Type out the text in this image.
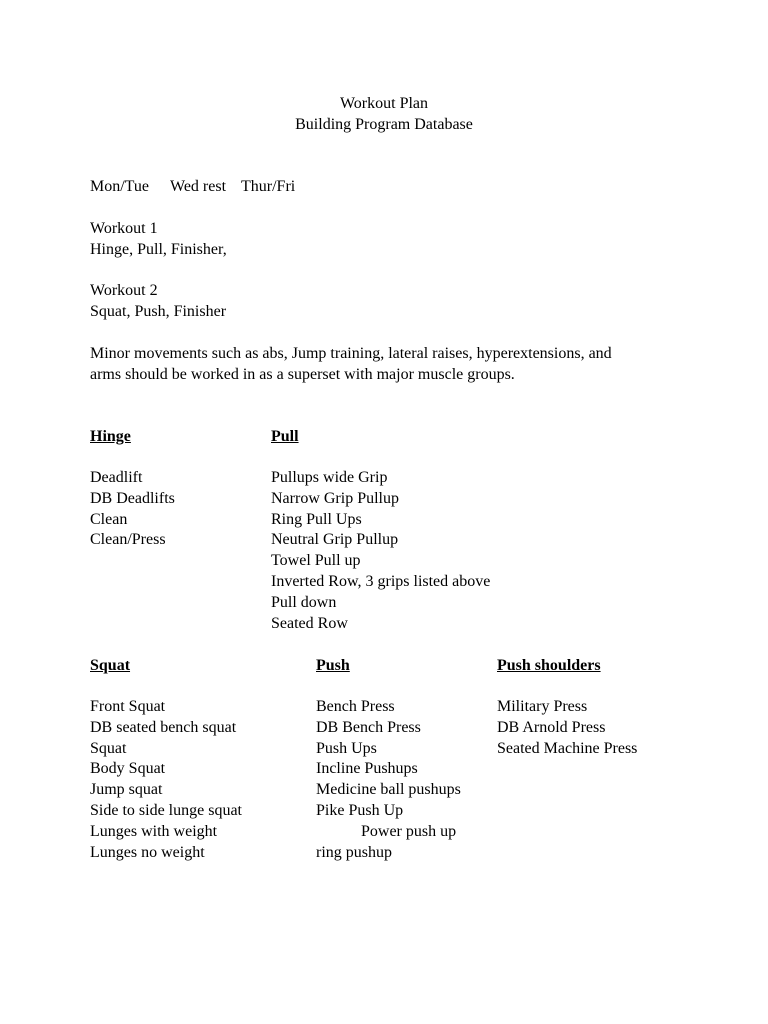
Workout Plan
Building Program Database
Mon/Tue Wed rest Thur/Fri
Workout 1
Hinge, Pull, Finisher,
Workout 2
Squat, Push, Finisher
Minor movements such as abs, Jump training, lateral raises, hyperextensions, and
arms should be worked in as a superset with major muscle groups.
Hinge
Deadlift
DB Deadlifts
Clean
Clean/Press
Pull
Pullups wide Grip
Narrow Grip Pullup
Ring Pull Ups
Neutral Grip Pullup
Towel Pull up
Inverted Row, 3 grips listed above
Pull down
Seated Row
Squat
Front Squat
DB seated bench squat
Squat
Body Squat
Jump squat
Side to side lunge squat
Lunges with weight
Lunges no weight
Push
Bench Press
DB Bench Press
Push Ups
Incline Pushups
Medicine ball pushups
Pike Push Up
Power push up
ring pushup
Push shoulders
Military Press
DB Arnold Press
Seated Machine Press
